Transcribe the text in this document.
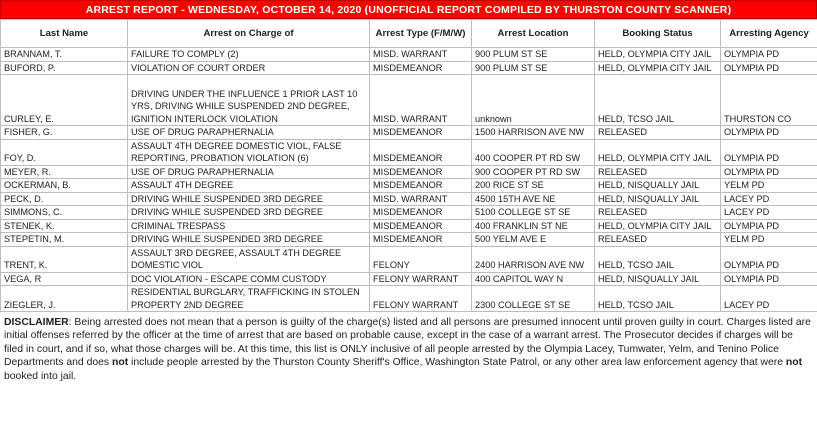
ARREST REPORT - WEDNESDAY, OCTOBER 14, 2020 (UNOFFICIAL REPORT COMPILED BY THURSTON COUNTY SCANNER)
Last Name	Arrest on Charge of	Arrest Type (F/M/W)	Arrest Location	Booking Status	Arresting Agency
BRANNAM, T.	FAILURE TO COMPLY (2)	MISD. WARRANT	900 PLUM ST SE	HELD, OLYMPIA CITY JAIL	OLYMPIA PD
BUFORD, P.	VIOLATION OF COURT ORDER	MISDEMEANOR	900 PLUM ST SE	HELD, OLYMPIA CITY JAIL	OLYMPIA PD
CURLEY, E.	DRIVING UNDER THE INFLUENCE 1 PRIOR LAST 10 YRS, DRIVING WHILE SUSPENDED 2ND DEGREE, IGNITION INTERLOCK VIOLATION	MISD. WARRANT	unknown	HELD, TCSO JAIL	THURSTON CO
FISHER, G.	USE OF DRUG PARAPHERNALIA	MISDEMEANOR	1500 HARRISON AVE NW	RELEASED	OLYMPIA PD
FOY, D.	ASSAULT 4TH DEGREE DOMESTIC VIOL, FALSE REPORTING, PROBATION VIOLATION (6)	MISDEMEANOR	400 COOPER PT RD SW	HELD, OLYMPIA CITY JAIL	OLYMPIA PD
MEYER, R.	USE OF DRUG PARAPHERNALIA	MISDEMEANOR	900 COOPER PT RD SW	RELEASED	OLYMPIA PD
OCKERMAN, B.	ASSAULT 4TH DEGREE	MISDEMEANOR	200 RICE ST SE	HELD, NISQUALLY JAIL	YELM PD
PECK, D.	DRIVING WHILE SUSPENDED 3RD DEGREE	MISD. WARRANT	4500 15TH AVE NE	HELD, NISQUALLY JAIL	LACEY PD
SIMMONS, C.	DRIVING WHILE SUSPENDED 3RD DEGREE	MISDEMEANOR	5100 COLLEGE ST SE	RELEASED	LACEY PD
STENEK, K.	CRIMINAL TRESPASS	MISDEMEANOR	400 FRANKLIN ST NE	HELD, OLYMPIA CITY JAIL	OLYMPIA PD
STEPETIN, M.	DRIVING WHILE SUSPENDED 3RD DEGREE	MISDEMEANOR	500 YELM AVE E	RELEASED	YELM PD
TRENT, K.	ASSAULT 3RD DEGREE, ASSAULT 4TH DEGREE DOMESTIC VIOL	FELONY	2400 HARRISON AVE NW	HELD, TCSO JAIL	OLYMPIA PD
VEGA, R	DOC VIOLATION - ESCAPE COMM CUSTODY	FELONY WARRANT	400 CAPITOL WAY N	HELD, NISQUALLY JAIL	OLYMPIA PD
ZIEGLER, J.	RESIDENTIAL BURGLARY, TRAFFICKING IN STOLEN PROPERTY 2ND DEGREE	FELONY WARRANT	2300 COLLEGE ST SE	HELD, TCSO JAIL	LACEY PD
DISCLAIMER: Being arrested does not mean that a person is guilty of the charge(s) listed and all persons are presumed innocent until proven guilty in court. Charges listed are initial offenses referred by the officer at the time of arrest that are based on probable cause, except in the case of a warrant arrest. The Prosecutor decides if charges will be filed in court, and if so, what those charges will be. At this time, this list is ONLY inclusive of all people arrested by the Olympia Lacey, Tumwater, Yelm, and Tenino Police Departments and does not include people arrested by the Thurston County Sheriff's Office, Washington State Patrol, or any other area law enforcement agency that were not booked into jail.
